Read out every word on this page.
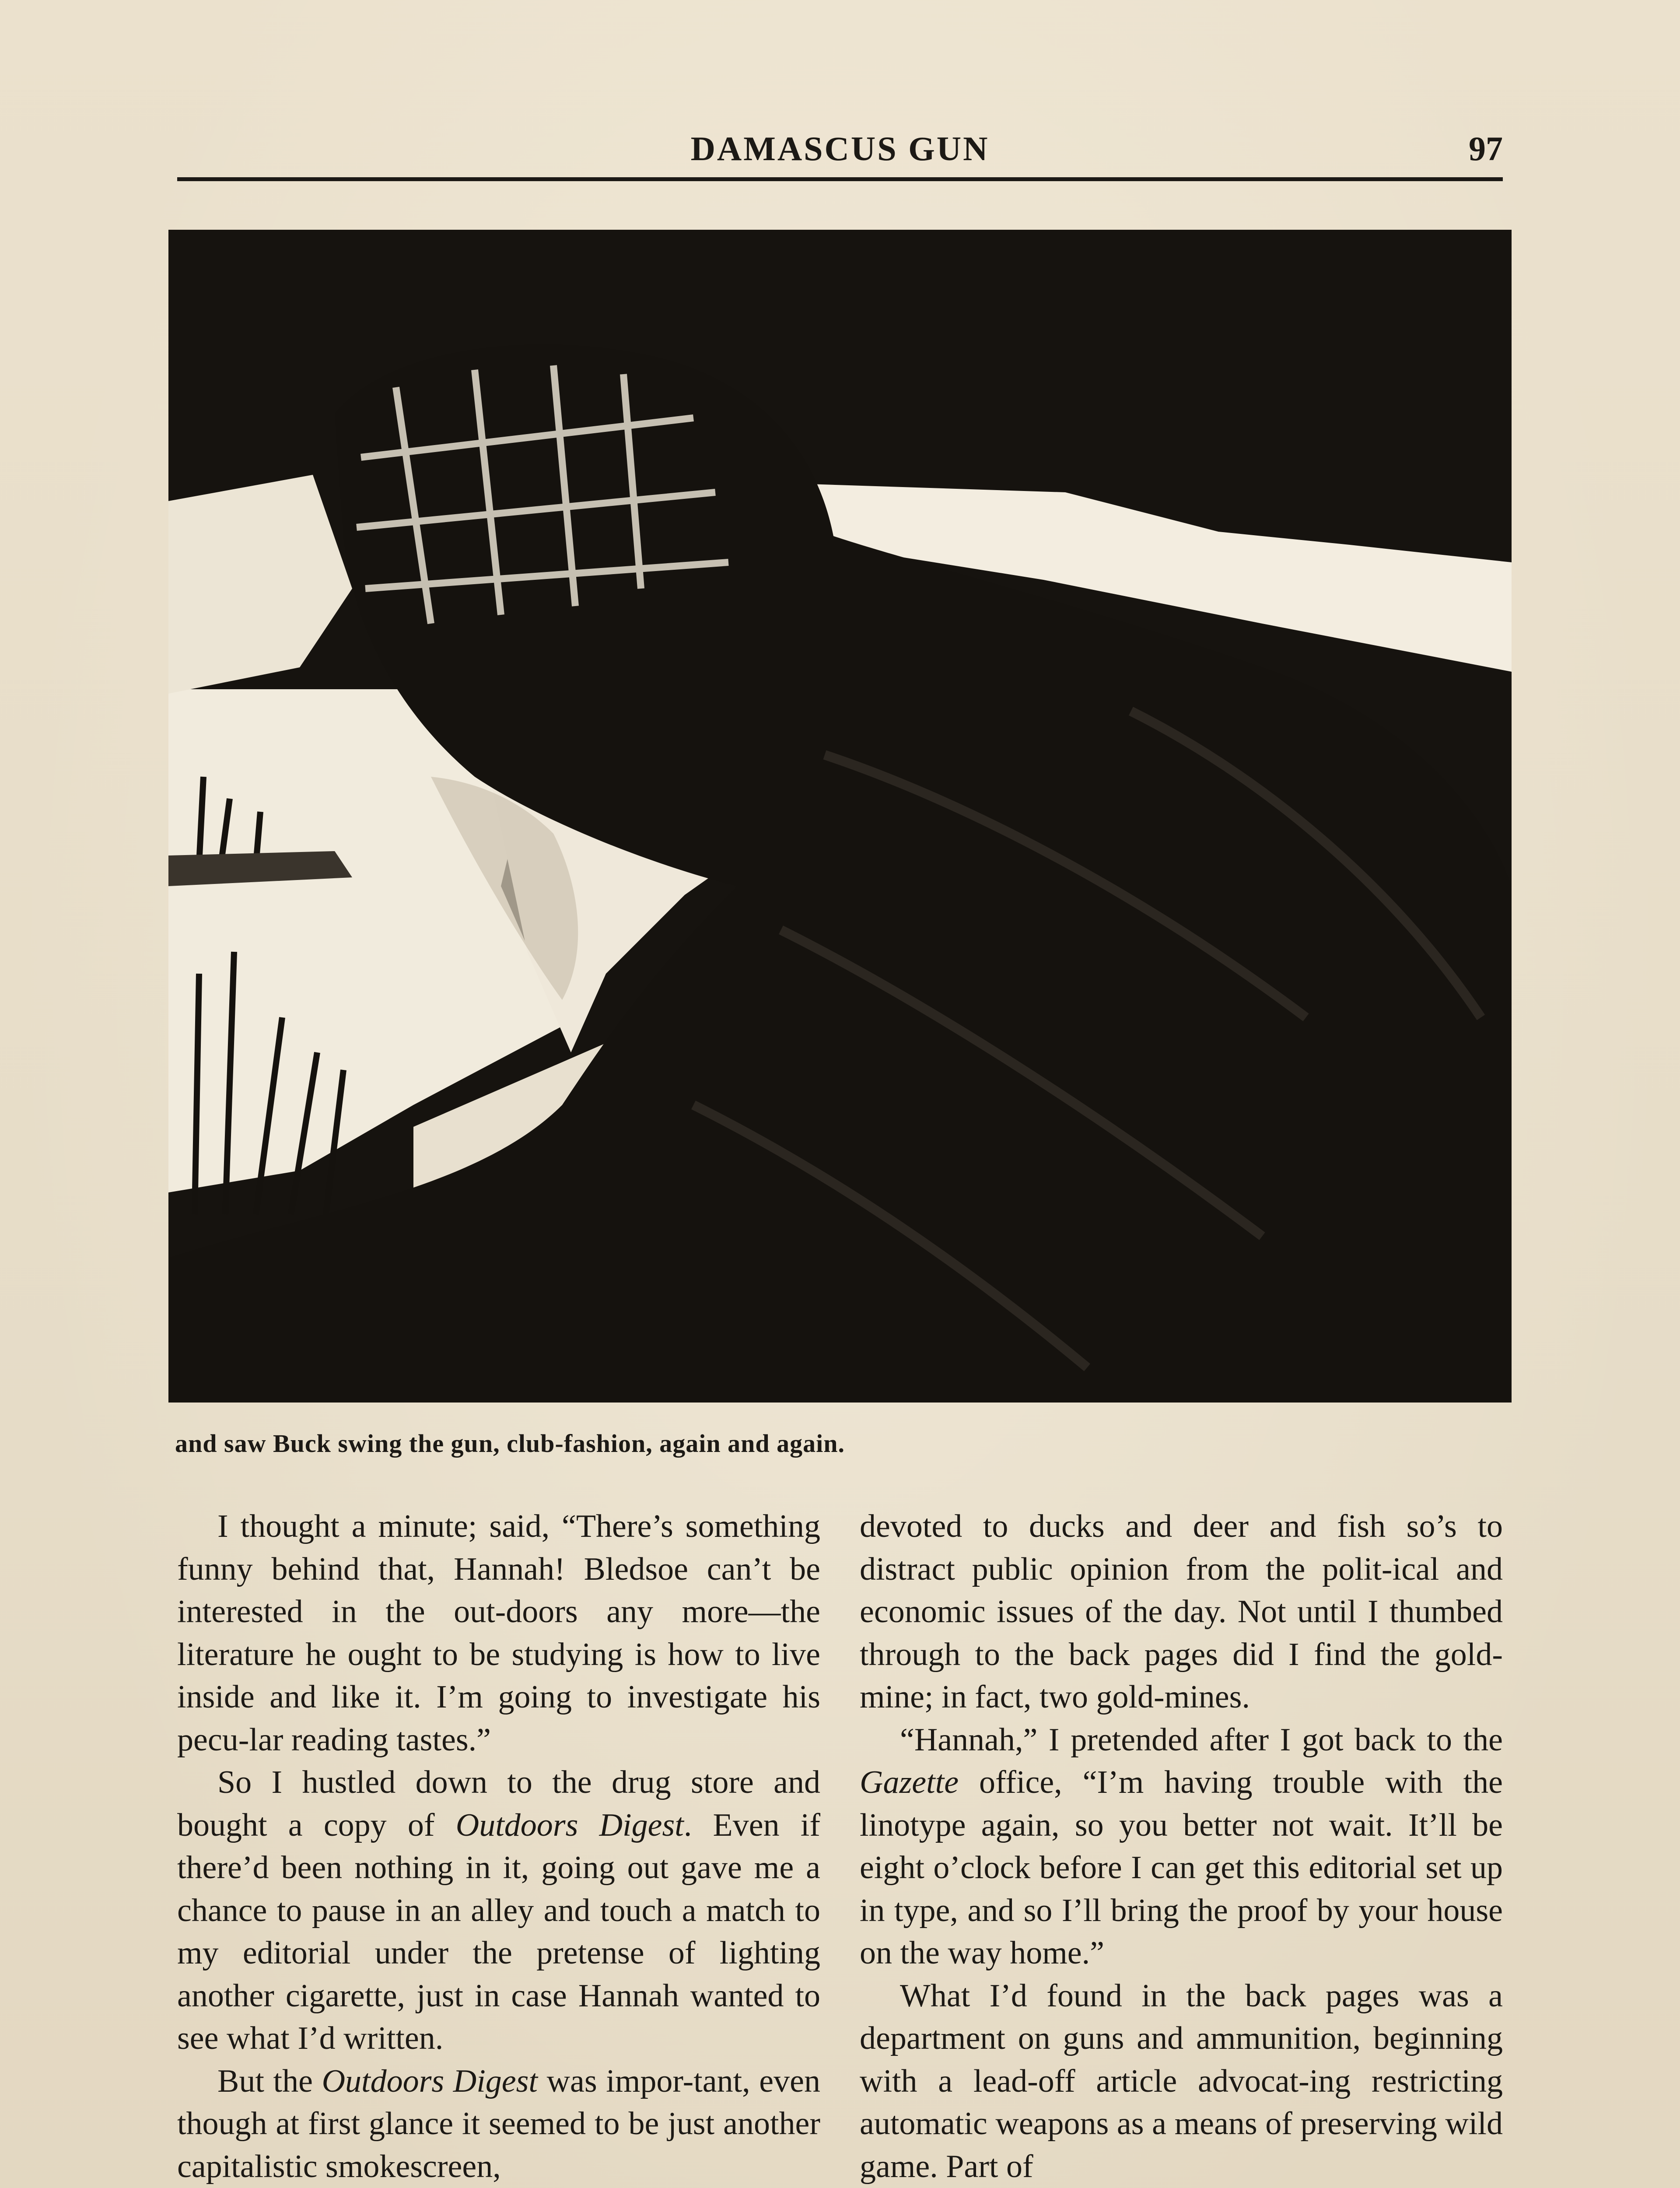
DAMASCUS GUN	97
and saw Buck swing the gun, club-fashion, again and again.

I thought a minute; said, “There’s something funny behind that, Hannah! Bledsoe can’t be interested in the out-doors any more—the literature he ought to be studying is how to live inside and like it. I’m going to investigate his pecu-lar reading tastes.”

So I hustled down to the drug store and bought a copy of Outdoors Digest. Even if there’d been nothing in it, going out gave me a chance to pause in an alley and touch a match to my editorial under the pretense of lighting another cigarette, just in case Hannah wanted to see what I’d written.

But the Outdoors Digest was impor-tant, even though at first glance it seemed to be just another capitalistic smokescreen,

devoted to ducks and deer and fish so’s to distract public opinion from the polit-ical and economic issues of the day. Not until I thumbed through to the back pages did I find the gold-mine; in fact, two gold-mines.

“Hannah,” I pretended after I got back to the Gazette office, “I’m having trouble with the linotype again, so you better not wait. It’ll be eight o’clock before I can get this editorial set up in type, and so I’ll bring the proof by your house on the way home.”

What I’d found in the back pages was a department on guns and ammunition, beginning with a lead-off article advocat-ing restricting automatic weapons as a means of preserving wild game. Part of
